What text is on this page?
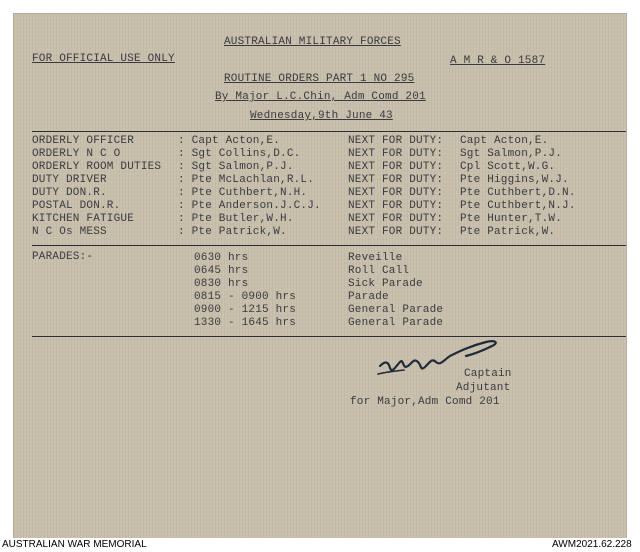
AUSTRALIAN MILITARY FORCES
FOR OFFICIAL USE ONLY	A M R & O 1587
ROUTINE ORDERS PART 1 NO 295
By Major L.C.Chin, Adm Comd 201
Wednesday,9th June 43
ORDERLY OFFICER	: Capt Acton,E.	NEXT FOR DUTY: Capt Acton,E.
ORDERLY N C O	: Sgt Collins,D.C.	NEXT FOR DUTY: Sgt Salmon,P.J.
ORDERLY ROOM DUTIES : Sgt Salmon,P.J.	NEXT FOR DUTY: Cpl Scott,W.G.
DUTY DRIVER	: Pte McLachlan,R.L.	NEXT FOR DUTY: Pte Higgins,W.J.
DUTY DON.R.	: Pte Cuthbert,N.H.	NEXT FOR DUTY: Pte Cuthbert,D.N.
POSTAL DON.R.	: Pte Anderson.J.C.J. NEXT FOR DUTY: Pte Cuthbert,N.J.
KITCHEN FATIGUE	: Pte Butler,W.H.	NEXT FOR DUTY: Pte Hunter,T.W.
N C Os MESS	: Pte Patrick,W.	NEXT FOR DUTY: Pte Patrick,W.
PARADES:-	0630 hrs	Reveille
0645 hrs	Roll Call
0830 hrs	Sick Parade
0815 - 0900 hrs	Parade
0900 - 1215 hrs	General Parade
1330 - 1645 hrs	General Parade
Captain
Adjutant
for Major,Adm Comd 201
AUSTRALIAN WAR MEMORIAL	AWM2021.62.228
